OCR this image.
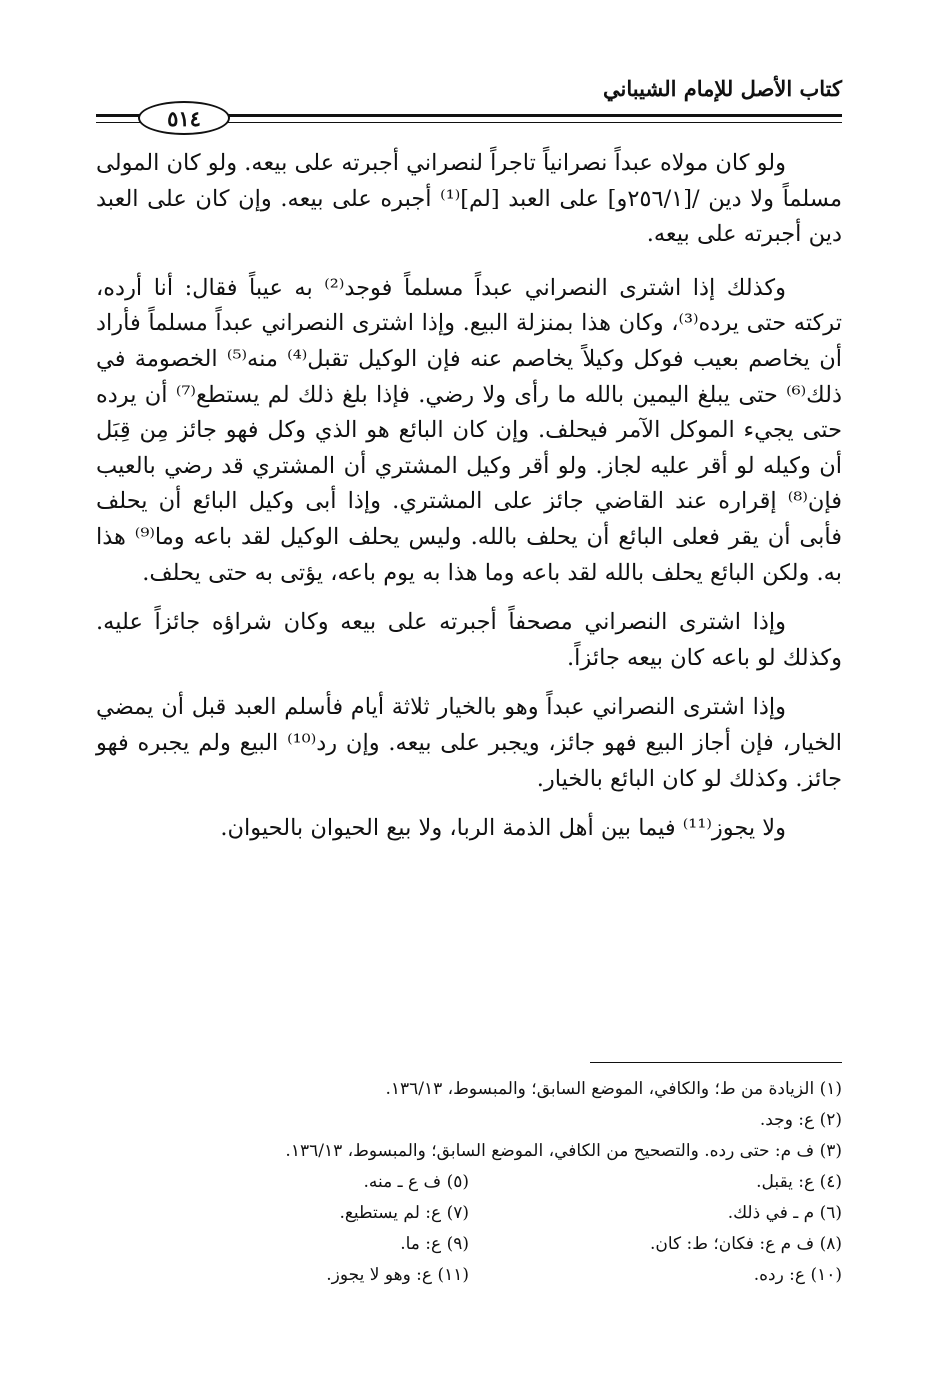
كتاب الأصل للإمام الشيباني
٥١٤

ولو كان مولاه عبداً نصرانياً تاجراً لنصراني أجبرته على بيعه. ولو كان المولى مسلماً ولا دين /[٢٥٦/١و] على العبد [لم]⁽¹⁾ أجبره على بيعه. وإن كان على العبد دين أجبرته على بيعه.

وكذلك إذا اشترى النصراني عبداً مسلماً فوجد⁽²⁾ به عيباً فقال: أنا أرده، تركته حتى يرده⁽³⁾، وكان هذا بمنزلة البيع. وإذا اشترى النصراني عبداً مسلماً فأراد أن يخاصم بعيب فوكل وكيلاً يخاصم عنه فإن الوكيل تقبل⁽⁴⁾ منه⁽⁵⁾ الخصومة في ذلك⁽⁶⁾ حتى يبلغ اليمين بالله ما رأى ولا رضي. فإذا بلغ ذلك لم يستطع⁽⁷⁾ أن يرده حتى يجيء الموكل الآمر فيحلف. وإن كان البائع هو الذي وكل فهو جائز مِن قِبَل أن وكيله لو أقر عليه لجاز. ولو أقر وكيل المشتري أن المشتري قد رضي بالعيب فإن⁽⁸⁾ إقراره عند القاضي جائز على المشتري. وإذا أبى وكيل البائع أن يحلف فأبى أن يقر فعلى البائع أن يحلف بالله. وليس يحلف الوكيل لقد باعه وما⁽⁹⁾ هذا به. ولكن البائع يحلف بالله لقد باعه وما هذا به يوم باعه، يؤتى به حتى يحلف.

وإذا اشترى النصراني مصحفاً أجبرته على بيعه وكان شراؤه جائزاً عليه. وكذلك لو باعه كان بيعه جائزاً.

وإذا اشترى النصراني عبداً وهو بالخيار ثلاثة أيام فأسلم العبد قبل أن يمضي الخيار، فإن أجاز البيع فهو جائز، ويجبر على بيعه. وإن رد⁽¹⁰⁾ البيع ولم يجبره فهو جائز. وكذلك لو كان البائع بالخيار.

ولا يجوز⁽¹¹⁾ فيما بين أهل الذمة الربا، ولا بيع الحيوان بالحيوان.

(١) الزيادة من ط؛ والكافي، الموضع السابق؛ والمبسوط، ١٣٦/١٣.
(٢) ع: وجد.
(٣) ف م: حتى رده. والتصحيح من الكافي، الموضع السابق؛ والمبسوط، ١٣٦/١٣.
(٤) ع: يقبل.
(٥) ف ع ـ منه.
(٦) م ـ في ذلك.
(٧) ع: لم يستطيع.
(٨) ف م ع: فكان؛ ط: كان.
(٩) ع: ما.
(١٠) ع: رده.
(١١) ع: وهو لا يجوز.
